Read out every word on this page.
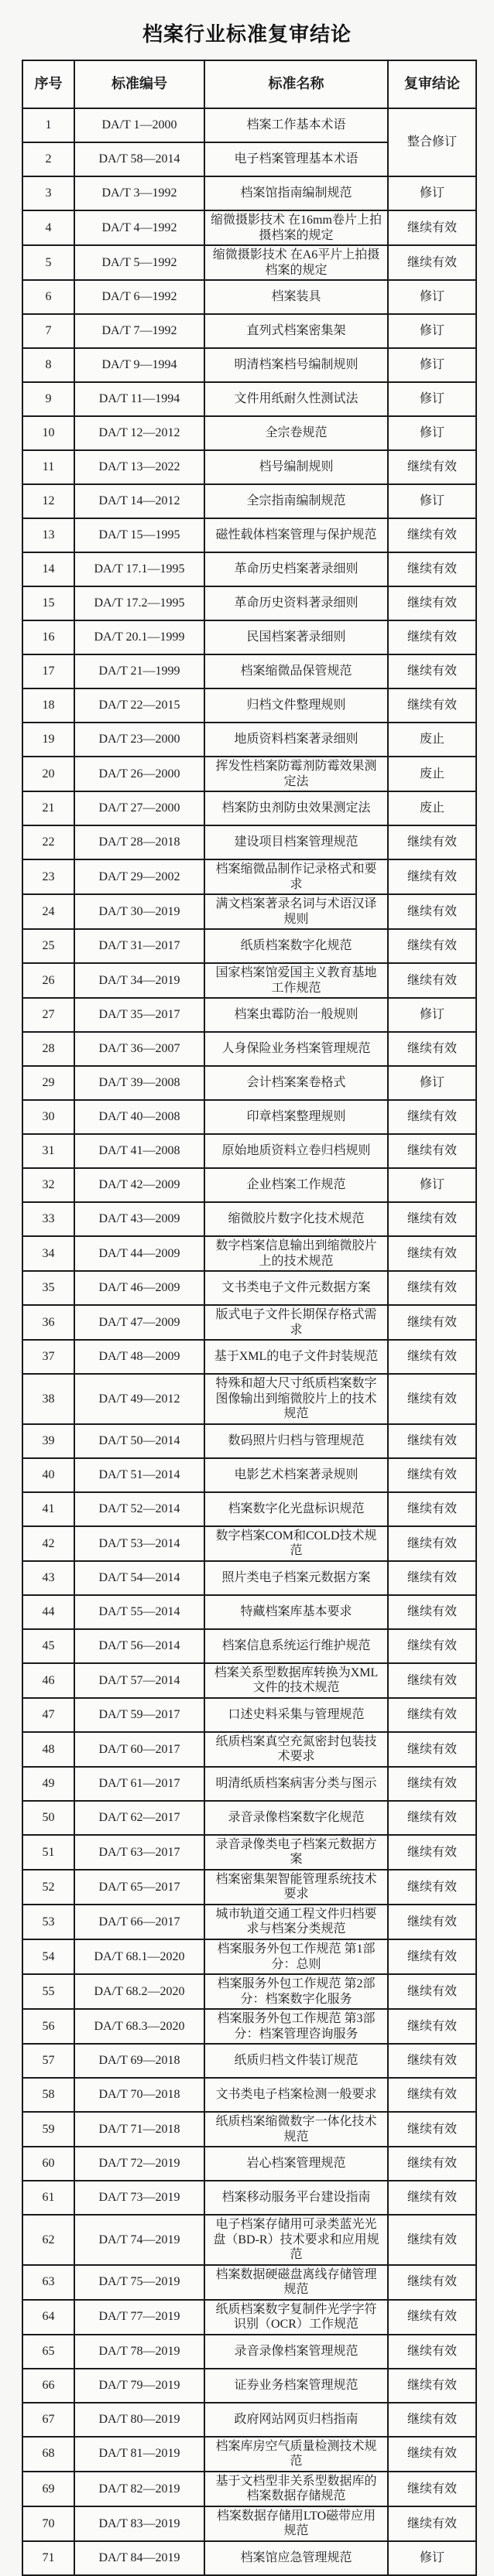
档案行业标准复审结论
序号	标准编号	标准名称	复审结论
1	DA/T 1—2000	档案工作基本术语	整合修订
2	DA/T 58—2014	电子档案管理基本术语	
3	DA/T 3—1992	档案馆指南编制规范	修订
4	DA/T 4—1992	缩微摄影技术 在16mm卷片上拍摄档案的规定	继续有效
5	DA/T 5—1992	缩微摄影技术 在A6平片上拍摄档案的规定	继续有效
6	DA/T 6—1992	档案装具	修订
7	DA/T 7—1992	直列式档案密集架	修订
8	DA/T 9—1994	明清档案档号编制规则	修订
9	DA/T 11—1994	文件用纸耐久性测试法	修订
10	DA/T 12—2012	全宗卷规范	修订
11	DA/T 13—2022	档号编制规则	继续有效
12	DA/T 14—2012	全宗指南编制规范	修订
13	DA/T 15—1995	磁性载体档案管理与保护规范	继续有效
14	DA/T 17.1—1995	革命历史档案著录细则	继续有效
15	DA/T 17.2—1995	革命历史资料著录细则	继续有效
16	DA/T 20.1—1999	民国档案著录细则	继续有效
17	DA/T 21—1999	档案缩微品保管规范	继续有效
18	DA/T 22—2015	归档文件整理规则	继续有效
19	DA/T 23—2000	地质资料档案著录细则	废止
20	DA/T 26—2000	挥发性档案防霉剂防霉效果测定法	废止
21	DA/T 27—2000	档案防虫剂防虫效果测定法	废止
22	DA/T 28—2018	建设项目档案管理规范	继续有效
23	DA/T 29—2002	档案缩微品制作记录格式和要求	继续有效
24	DA/T 30—2019	满文档案著录名词与术语汉译规则	继续有效
25	DA/T 31—2017	纸质档案数字化规范	继续有效
26	DA/T 34—2019	国家档案馆爱国主义教育基地工作规范	继续有效
27	DA/T 35—2017	档案虫霉防治一般规则	修订
28	DA/T 36—2007	人身保险业务档案管理规范	继续有效
29	DA/T 39—2008	会计档案案卷格式	修订
30	DA/T 40—2008	印章档案整理规则	继续有效
31	DA/T 41—2008	原始地质资料立卷归档规则	继续有效
32	DA/T 42—2009	企业档案工作规范	修订
33	DA/T 43—2009	缩微胶片数字化技术规范	继续有效
34	DA/T 44—2009	数字档案信息输出到缩微胶片上的技术规范	继续有效
35	DA/T 46—2009	文书类电子文件元数据方案	继续有效
36	DA/T 47—2009	版式电子文件长期保存格式需求	继续有效
37	DA/T 48—2009	基于XML的电子文件封装规范	继续有效
38	DA/T 49—2012	特殊和超大尺寸纸质档案数字图像输出到缩微胶片上的技术规范	继续有效
39	DA/T 50—2014	数码照片归档与管理规范	继续有效
40	DA/T 51—2014	电影艺术档案著录规则	继续有效
41	DA/T 52—2014	档案数字化光盘标识规范	继续有效
42	DA/T 53—2014	数字档案COM和COLD技术规范	继续有效
43	DA/T 54—2014	照片类电子档案元数据方案	继续有效
44	DA/T 55—2014	特藏档案库基本要求	继续有效
45	DA/T 56—2014	档案信息系统运行维护规范	继续有效
46	DA/T 57—2014	档案关系型数据库转换为XML文件的技术规范	继续有效
47	DA/T 59—2017	口述史料采集与管理规范	继续有效
48	DA/T 60—2017	纸质档案真空充氮密封包装技术要求	继续有效
49	DA/T 61—2017	明清纸质档案病害分类与图示	继续有效
50	DA/T 62—2017	录音录像档案数字化规范	继续有效
51	DA/T 63—2017	录音录像类电子档案元数据方案	继续有效
52	DA/T 65—2017	档案密集架智能管理系统技术要求	继续有效
53	DA/T 66—2017	城市轨道交通工程文件归档要求与档案分类规范	继续有效
54	DA/T 68.1—2020	档案服务外包工作规范 第1部分：总则	继续有效
55	DA/T 68.2—2020	档案服务外包工作规范 第2部分：档案数字化服务	继续有效
56	DA/T 68.3—2020	档案服务外包工作规范 第3部分：档案管理咨询服务	继续有效
57	DA/T 69—2018	纸质归档文件装订规范	继续有效
58	DA/T 70—2018	文书类电子档案检测一般要求	继续有效
59	DA/T 71—2018	纸质档案缩微数字一体化技术规范	继续有效
60	DA/T 72—2019	岩心档案管理规范	继续有效
61	DA/T 73—2019	档案移动服务平台建设指南	继续有效
62	DA/T 74—2019	电子档案存储用可录类蓝光光盘（BD-R）技术要求和应用规范	继续有效
63	DA/T 75—2019	档案数据硬磁盘离线存储管理规范	继续有效
64	DA/T 77—2019	纸质档案数字复制件光学字符识别（OCR）工作规范	继续有效
65	DA/T 78—2019	录音录像档案管理规范	继续有效
66	DA/T 79—2019	证券业务档案管理规范	继续有效
67	DA/T 80—2019	政府网站网页归档指南	继续有效
68	DA/T 81—2019	档案库房空气质量检测技术规范	继续有效
69	DA/T 82—2019	基于文档型非关系型数据库的档案数据存储规范	继续有效
70	DA/T 83—2019	档案数据存储用LTO磁带应用规范	继续有效
71	DA/T 84—2019	档案馆应急管理规范	修订
